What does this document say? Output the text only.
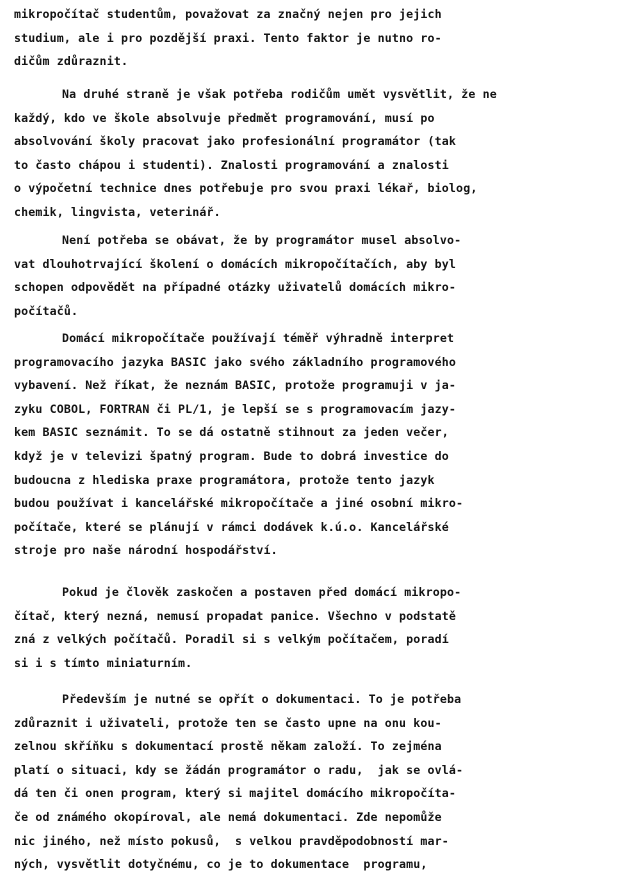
mikropočítač studentům, považovat za značný nejen pro jejich
studium, ale i pro pozdější praxi. Tento faktor je nutno ro-
dičům zdůraznit.

Na druhé straně je však potřeba rodičům umět vysvětlit, že ne
každý, kdo ve škole absolvuje předmět programování, musí po
absolvování školy pracovat jako profesionální programátor (tak
to často chápou i studenti). Znalosti programování a znalosti
o výpočetní technice dnes potřebuje pro svou praxi lékař, biolog,
chemik, lingvista, veterinář.

Není potřeba se obávat, že by programátor musel absolvo-
vat dlouhotrvající školení o domácích mikropočítačích, aby byl
schopen odpovědět na případné otázky uživatelů domácích mikro-
počítačů.

Domácí mikropočítače používají téměř výhradně interpret
programovacího jazyka BASIC jako svého základního programového
vybavení. Než říkat, že neznám BASIC, protože programuji v ja-
zyku COBOL, FORTRAN či PL/1, je lepší se s programovacím jazy-
kem BASIC seznámit. To se dá ostatně stihnout za jeden večer,
když je v televizi špatný program. Bude to dobrá investice do
budoucna z hlediska praxe programátora, protože tento jazyk
budou používat i kancelářské mikropočítače a jiné osobní mikro-
počítače, které se plánují v rámci dodávek k.ú.o. Kancelářské
stroje pro naše národní hospodářství.

Pokud je člověk zaskočen a postaven před domácí mikropo-
čítač, který nezná, nemusí propadat panice. Všechno v podstatě
zná z velkých počítačů. Poradil si s velkým počítačem, poradí
si i s tímto miniaturním.

Především je nutné se opřít o dokumentaci. To je potřeba
zdůraznit i uživateli, protože ten se často upne na onu kou-
zelnou skříňku s dokumentací prostě někam založí. To zejména
platí o situaci, kdy se žádán programátor o radu,  jak se ovlá-
dá ten či onen program, který si majitel domácího mikropočíta-
če od známého okopíroval, ale nemá dokumentaci. Zde nepomůže
nic jiného, než místo pokusů,  s velkou pravděpodobností mar-
ných, vysvětlit dotyčnému, co je to dokumentace  programu,
